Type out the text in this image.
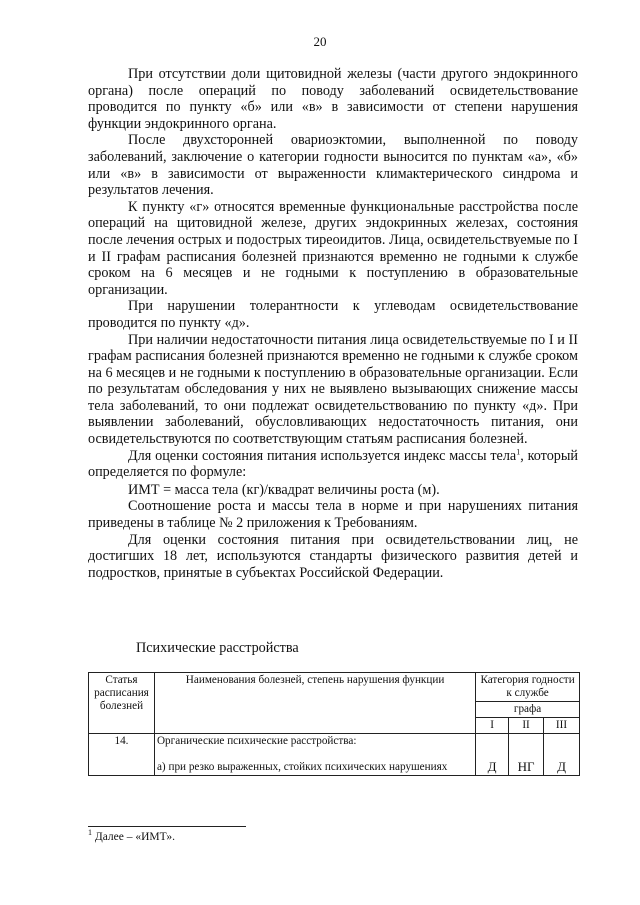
20

При отсутствии доли щитовидной железы (части другого эндокринного органа) после операций по поводу заболеваний освидетельствование проводится по пункту «б» или «в» в зависимости от степени нарушения функции эндокринного органа.

После двухсторонней овариоэктомии, выполненной по поводу заболеваний, заключение о категории годности выносится по пунктам «а», «б» или «в» в зависимости от выраженности климактерического синдрома и результатов лечения.

К пункту «г» относятся временные функциональные расстройства после операций на щитовидной железе, других эндокринных железах, состояния после лечения острых и подострых тиреоидитов. Лица, освидетельствуемые по I и II графам расписания болезней признаются временно не годными к службе сроком на 6 месяцев и не годными к поступлению в образовательные организации.

При нарушении толерантности к углеводам освидетельствование проводится по пункту «д».

При наличии недостаточности питания лица освидетельствуемые по I и II графам расписания болезней признаются временно не годными к службе сроком на 6 месяцев и не годными к поступлению в образовательные организации. Если по результатам обследования у них не выявлено вызывающих снижение массы тела заболеваний, то они подлежат освидетельствованию по пункту «д». При выявлении заболеваний, обусловливающих недостаточность питания, они освидетельствуются по соответствующим статьям расписания болезней.

Для оценки состояния питания используется индекс массы тела$^1$, который определяется по формуле:

ИМТ = масса тела (кг)/квадрат величины роста (м).

Соотношение роста и массы тела в норме и при нарушениях питания приведены в таблице № 2 приложения к Требованиям.

Для оценки состояния питания при освидетельствовании лиц, не достигших 18 лет, используются стандарты физического развития детей и подростков, принятые в субъектах Российской Федерации.

Психические расстройства
Статья расписания болезней	Наименования болезней, степень нарушения функции	Категория годности к службе		
		графа		
		I	II	III
14.	Органические психические расстройства:
а) при резко выраженных, стойких психических нарушениях	Д	НГ	Д
$^1$ Далее – «ИМТ».
